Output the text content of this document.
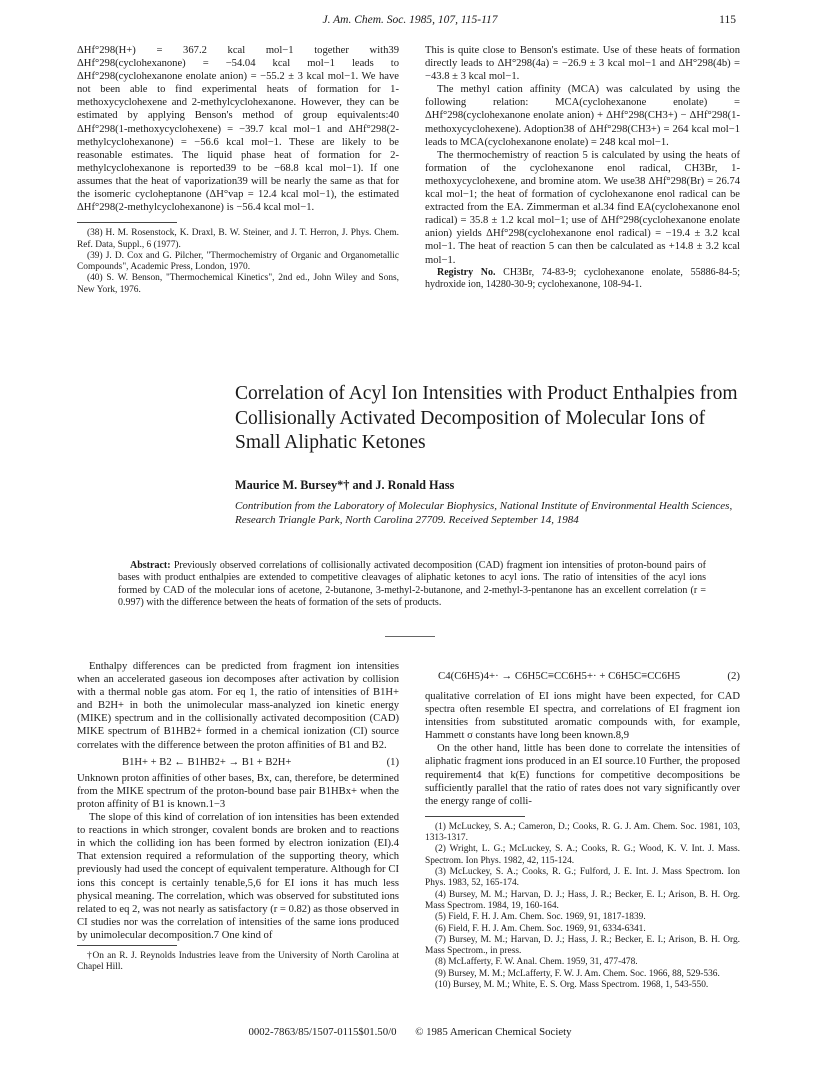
J. Am. Chem. Soc. 1985, 107, 115-117	115

ΔHf°298(H+) = 367.2 kcal mol−1 together with39 ΔHf°298(cyclohexanone) = −54.04 kcal mol−1 leads to ΔHf°298(cyclohexanone enolate anion) = −55.2 ± 3 kcal mol−1. We have not been able to find experimental heats of formation for 1-methoxycyclohexene and 2-methylcyclohexanone. However, they can be estimated by applying Benson's method of group equivalents:40 ΔHf°298(1-methoxycyclohexene) = −39.7 kcal mol−1 and ΔHf°298(2-methylcyclohexanone) = −56.6 kcal mol−1. These are likely to be reasonable estimates. The liquid phase heat of formation for 2-methylcyclohexanone is reported39 to be −68.8 kcal mol−1). If one assumes that the heat of vaporization39 will be nearly the same as that for the isomeric cycloheptanone (ΔH°vap = 12.4 kcal mol−1), the estimated ΔHf°298(2-methylcyclohexanone) is −56.4 kcal mol−1.

(38) H. M. Rosenstock, K. Draxl, B. W. Steiner, and J. T. Herron, J. Phys. Chem. Ref. Data, Suppl., 6 (1977).
(39) J. D. Cox and G. Pilcher, "Thermochemistry of Organic and Organometallic Compounds", Academic Press, London, 1970.
(40) S. W. Benson, "Thermochemical Kinetics", 2nd ed., John Wiley and Sons, New York, 1976.

This is quite close to Benson's estimate. Use of these heats of formation directly leads to ΔH°298(4a) = −26.9 ± 3 kcal mol−1 and ΔH°298(4b) = −43.8 ± 3 kcal mol−1.

The methyl cation affinity (MCA) was calculated by using the following relation: MCA(cyclohexanone enolate) = ΔHf°298(cyclohexanone enolate anion) + ΔHf°298(CH3+) − ΔHf°298(1-methoxycyclohexene). Adoption38 of ΔHf°298(CH3+) = 264 kcal mol−1 leads to MCA(cyclohexanone enolate) = 248 kcal mol−1.

The thermochemistry of reaction 5 is calculated by using the heats of formation of the cyclohexanone enol radical, CH3Br, 1-methoxycyclohexene, and bromine atom. We use38 ΔHf°298(Br) = 26.74 kcal mol−1; the heat of formation of cyclohexanone enol radical can be extracted from the EA. Zimmerman et al.34 find EA(cyclohexanone enol radical) = 35.8 ± 1.2 kcal mol−1; use of ΔHf°298(cyclohexanone enolate anion) yields ΔHf°298(cyclohexanone enol radical) = −19.4 ± 3.2 kcal mol−1. The heat of reaction 5 can then be calculated as +14.8 ± 3.2 kcal mol−1.

Registry No. CH3Br, 74-83-9; cyclohexanone enolate, 55886-84-5; hydroxide ion, 14280-30-9; cyclohexanone, 108-94-1.

Correlation of Acyl Ion Intensities with Product Enthalpies from Collisionally Activated Decomposition of Molecular Ions of Small Aliphatic Ketones
Maurice M. Bursey*† and J. Ronald Hass
Contribution from the Laboratory of Molecular Biophysics, National Institute of Environmental Health Sciences, Research Triangle Park, North Carolina 27709. Received September 14, 1984
Abstract: Previously observed correlations of collisionally activated decomposition (CAD) fragment ion intensities of proton-bound pairs of bases with product enthalpies are extended to competitive cleavages of aliphatic ketones to acyl ions. The ratio of intensities of the acyl ions formed by CAD of the molecular ions of acetone, 2-butanone, 3-methyl-2-butanone, and 2-methyl-3-pentanone has an excellent correlation (r = 0.997) with the difference between the heats of formation of the sets of products.

Enthalpy differences can be predicted from fragment ion intensities when an accelerated gaseous ion decomposes after activation by collision with a thermal noble gas atom. For eq 1, the ratio of intensities of B1H+ and B2H+ in both the unimolecular mass-analyzed ion kinetic energy (MIKE) spectrum and in the collisionally activated decomposition (CAD) MIKE spectrum of B1HB2+ formed in a chemical ionization (CI) source correlates with the difference between the proton affinities of B1 and B2.

(1)
B1H+ + B2 ← B1HB2+ → B1 + B2H+

Unknown proton affinities of other bases, Bx, can, therefore, be determined from the MIKE spectrum of the proton-bound base pair B1HBx+ when the proton affinity of B1 is known.1−3

The slope of this kind of correlation of ion intensities has been extended to reactions in which stronger, covalent bonds are broken and to reactions in which the colliding ion has been formed by electron ionization (EI).4 That extension required a reformulation of the supporting theory, which previously had used the concept of equivalent temperature. Although for CI ions this concept is certainly tenable,5,6 for EI ions it has much less physical meaning. The correlation, which was observed for substituted ions related to eq 2, was not nearly as satisfactory (r = 0.82) as those observed in CI studies nor was the correlation of intensities of the same ions produced by unimolecular decomposition.7 One kind of

†On an R. J. Reynolds Industries leave from the University of North Carolina at Chapel Hill.
(2)
C4(C6H5)4+· → C6H5C≡CC6H5+· + C6H5C≡CC6H5

qualitative correlation of EI ions might have been expected, for CAD spectra often resemble EI spectra, and correlations of EI fragment ion intensities from substituted aromatic compounds with, for example, Hammett σ constants have long been known.8,9

On the other hand, little has been done to correlate the intensities of aliphatic fragment ions produced in an EI source.10 Further, the proposed requirement4 that k(E) functions for competitive decompositions be sufficiently parallel that the ratio of rates does not vary significantly over the energy range of colli-

(1) McLuckey, S. A.; Cameron, D.; Cooks, R. G. J. Am. Chem. Soc. 1981, 103, 1313-1317.
(2) Wright, L. G.; McLuckey, S. A.; Cooks, R. G.; Wood, K. V. Int. J. Mass. Spectrom. Ion Phys. 1982, 42, 115-124.
(3) McLuckey, S. A.; Cooks, R. G.; Fulford, J. E. Int. J. Mass Spectrom. Ion Phys. 1983, 52, 165-174.
(4) Bursey, M. M.; Harvan, D. J.; Hass, J. R.; Becker, E. I.; Arison, B. H. Org. Mass Spectrom. 1984, 19, 160-164.
(5) Field, F. H. J. Am. Chem. Soc. 1969, 91, 1817-1839.
(6) Field, F. H. J. Am. Chem. Soc. 1969, 91, 6334-6341.
(7) Bursey, M. M.; Harvan, D. J.; Hass, J. R.; Becker, E. I.; Arison, B. H. Org. Mass Spectrom., in press.
(8) McLafferty, F. W. Anal. Chem. 1959, 31, 477-478.
(9) Bursey, M. M.; McLafferty, F. W. J. Am. Chem. Soc. 1966, 88, 529-536.
(10) Bursey, M. M.; White, E. S. Org. Mass Spectrom. 1968, 1, 543-550.
0002-7863/85/1507-0115$01.50/0 © 1985 American Chemical Society
